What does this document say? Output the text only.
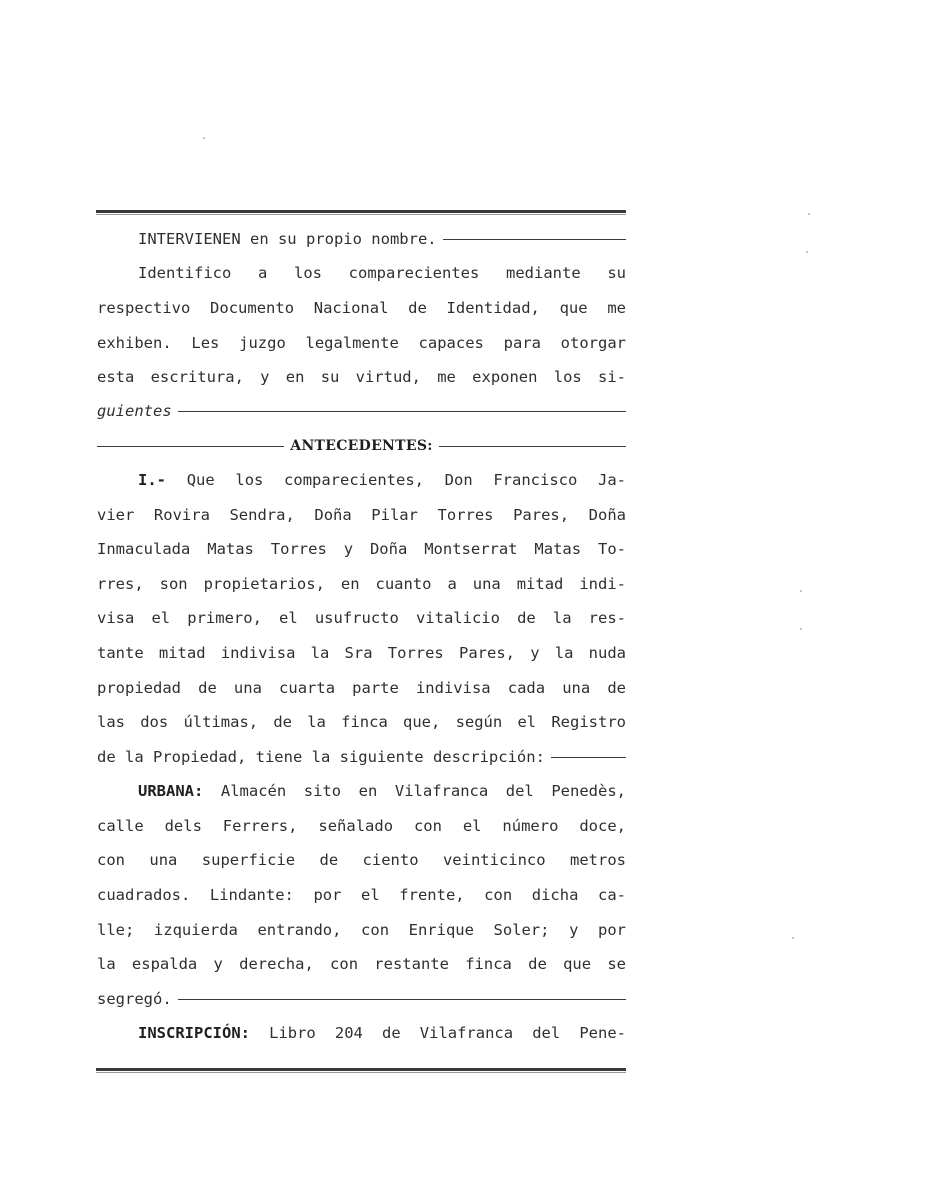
INTERVIENEN en su propio nombre.
Identifico a los comparecientes mediante su
respectivo Documento Nacional de Identidad, que me
exhiben. Les juzgo legalmente capaces para otorgar
esta escritura, y en su virtud, me exponen los si-
guientes
ANTECEDENTES:
I.- Que los comparecientes, Don Francisco Ja-
vier Rovira Sendra, Doña Pilar Torres Pares, Doña
Inmaculada Matas Torres y Doña Montserrat Matas To-
rres, son propietarios, en cuanto a una mitad indi-
visa el primero, el usufructo vitalicio de la res-
tante mitad indivisa la Sra Torres Pares, y la nuda
propiedad de una cuarta parte indivisa cada una de
las dos últimas, de la finca que, según el Registro
de la Propiedad, tiene la siguiente descripción:
URBANA: Almacén sito en Vilafranca del Penedès,
calle dels Ferrers, señalado con el número doce,
con una superficie de ciento veinticinco metros
cuadrados. Lindante: por el frente, con dicha ca-
lle; izquierda entrando, con Enrique Soler; y por
la espalda y derecha, con restante finca de que se
segregó.
INSCRIPCIÓN: Libro 204 de Vilafranca del Pene-
